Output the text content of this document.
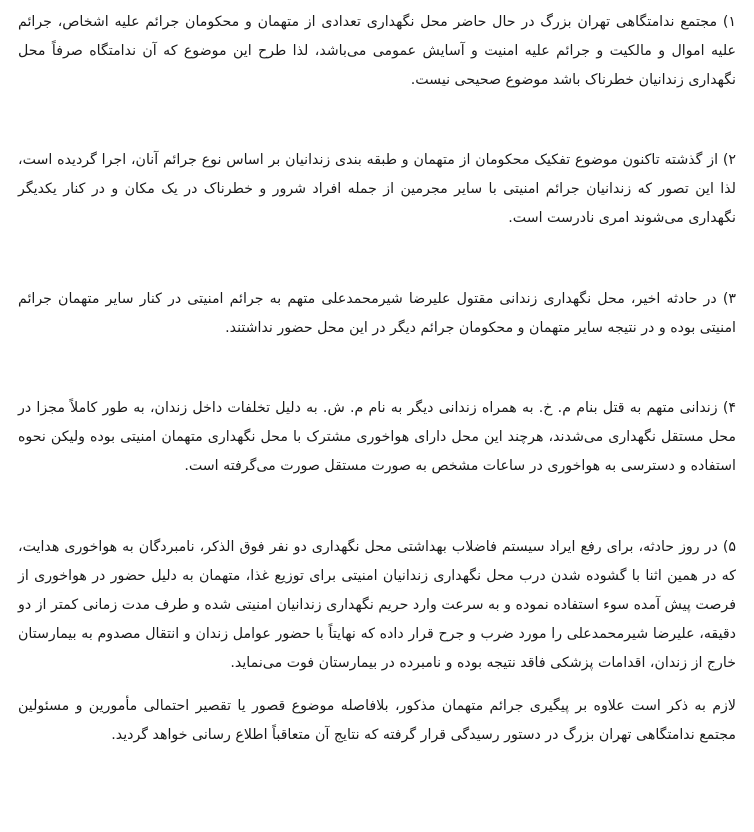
۱) مجتمع ندامتگاهی تهران بزرگ در حال حاضر محل نگهداری تعدادی از متهمان و محکومان جرائم علیه اشخاص، جرائم علیه اموال و مالکیت و جرائم علیه امنیت و آسایش عمومی می‌باشد، لذا طرح این موضوع که آن ندامتگاه صرفاً محل نگهداری زندانیان خطرناک باشد موضوع صحیحی نیست.

۲) از گذشته تاکنون موضوع تفکیک محکومان از متهمان و طبقه بندی زندانیان بر اساس نوع جرائم آنان، اجرا گردیده است، لذا این تصور که زندانیان جرائم امنیتی با سایر مجرمین از جمله افراد شرور و خطرناک در یک مکان و در کنار یکدیگر نگهداری می‌شوند امری نادرست است.

۳) در حادثه اخیر، محل نگهداری زندانی مقتول علیرضا شیرمحمدعلی متهم به جرائم امنیتی در کنار سایر متهمان جرائم امنیتی بوده و در نتیجه سایر متهمان و محکومان جرائم دیگر در این محل حضور نداشتند.

۴) زندانی متهم به قتل بنام م. خ. به همراه زندانی دیگر به نام م. ش. به دلیل تخلفات داخل زندان، به طور کاملاً مجزا در محل مستقل نگهداری می‌شدند، هرچند این محل دارای هواخوری مشترک با محل نگهداری متهمان امنیتی بوده ولیکن نحوه استفاده و دسترسی به هواخوری در ساعات مشخص به صورت مستقل صورت می‌گرفته است.

۵) در روز حادثه، برای رفع ایراد سیستم فاضلاب بهداشتی محل نگهداری دو نفر فوق الذکر، نامبردگان به هواخوری هدایت، که در همین اثنا با گشوده شدن درب محل نگهداری زندانیان امنیتی برای توزیع غذا، متهمان به دلیل حضور در هواخوری از فرصت پیش آمده سوء استفاده نموده و به سرعت وارد حریم نگهداری زندانیان امنیتی شده و طرف مدت زمانی کمتر از دو دقیقه، علیرضا شیرمحمدعلی را مورد ضرب و جرح قرار داده که نهایتاً با حضور عوامل زندان و انتقال مصدوم به بیمارستان خارج از زندان، اقدامات پزشکی فاقد نتیجه بوده و نامبرده در بیمارستان فوت می‌نماید.

لازم به ذکر است علاوه بر پیگیری جرائم متهمان مذکور، بلافاصله موضوع قصور یا تقصیر احتمالی مأمورین و مسئولین مجتمع ندامتگاهی تهران بزرگ در دستور رسیدگی قرار گرفته که نتایج آن متعاقباً اطلاع رسانی خواهد گردید.
